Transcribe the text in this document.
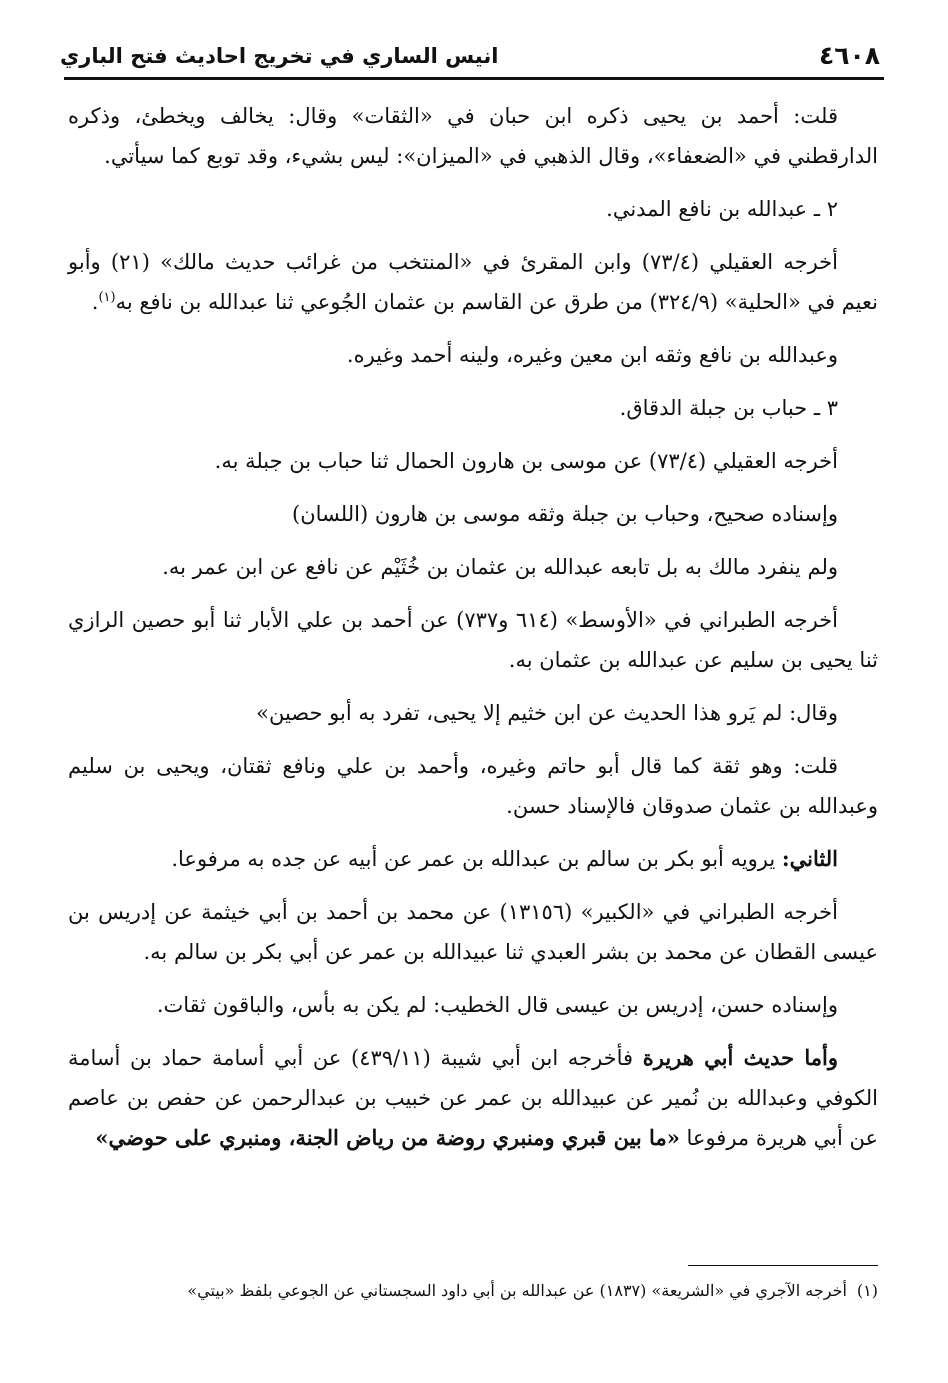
٤٦٠٨
انيس الساري في تخريج احاديث فتح الباري

قلت: أحمد بن يحيى ذكره ابن حبان في «الثقات» وقال: يخالف ويخطئ، وذكره الدارقطني في «الضعفاء»، وقال الذهبي في «الميزان»: ليس بشيء، وقد توبع كما سيأتي.

٢ ـ عبدالله بن نافع المدني.

أخرجه العقيلي (٧٣/٤) وابن المقرئ في «المنتخب من غرائب حديث مالك» (٢١) وأبو نعيم في «الحلية» (٣٢٤/٩) من طرق عن القاسم بن عثمان الجُوعي ثنا عبدالله بن نافع به$^{(١)}$.

وعبدالله بن نافع وثقه ابن معين وغيره، ولينه أحمد وغيره.

٣ ـ حباب بن جبلة الدقاق.

أخرجه العقيلي (٧٣/٤) عن موسى بن هارون الحمال ثنا حباب بن جبلة به.

وإسناده صحيح، وحباب بن جبلة وثقه موسى بن هارون (اللسان)

ولم ينفرد مالك به بل تابعه عبدالله بن عثمان بن خُثَيْم عن نافع عن ابن عمر به.

أخرجه الطبراني في «الأوسط» (٦١٤ و٧٣٧) عن أحمد بن علي الأبار ثنا أبو حصين الرازي ثنا يحيى بن سليم عن عبدالله بن عثمان به.

وقال: لم يَرو هذا الحديث عن ابن خثيم إلا يحيى، تفرد به أبو حصين»

قلت: وهو ثقة كما قال أبو حاتم وغيره، وأحمد بن علي ونافع ثقتان، ويحيى بن سليم وعبدالله بن عثمان صدوقان فالإسناد حسن.

الثاني: يرويه أبو بكر بن سالم بن عبدالله بن عمر عن أبيه عن جده به مرفوعا.

أخرجه الطبراني في «الكبير» (١٣١٥٦) عن محمد بن أحمد بن أبي خيثمة عن إدريس بن عيسى القطان عن محمد بن بشر العبدي ثنا عبيدالله بن عمر عن أبي بكر بن سالم به.

وإسناده حسن، إدريس بن عيسى قال الخطيب: لم يكن به بأس، والباقون ثقات.

وأما حديث أبي هريرة فأخرجه ابن أبي شيبة (٤٣٩/١١) عن أبي أسامة حماد بن أسامة الكوفي وعبدالله بن نُمير عن عبيدالله بن عمر عن خبيب بن عبدالرحمن عن حفص بن عاصم عن أبي هريرة مرفوعا «ما بين قبري ومنبري روضة من رياض الجنة، ومنبري على حوضي»

(١)أخرجه الآجري في «الشريعة» (١٨٣٧) عن عبدالله بن أبي داود السجستاني عن الجوعي بلفظ «بيتي»
